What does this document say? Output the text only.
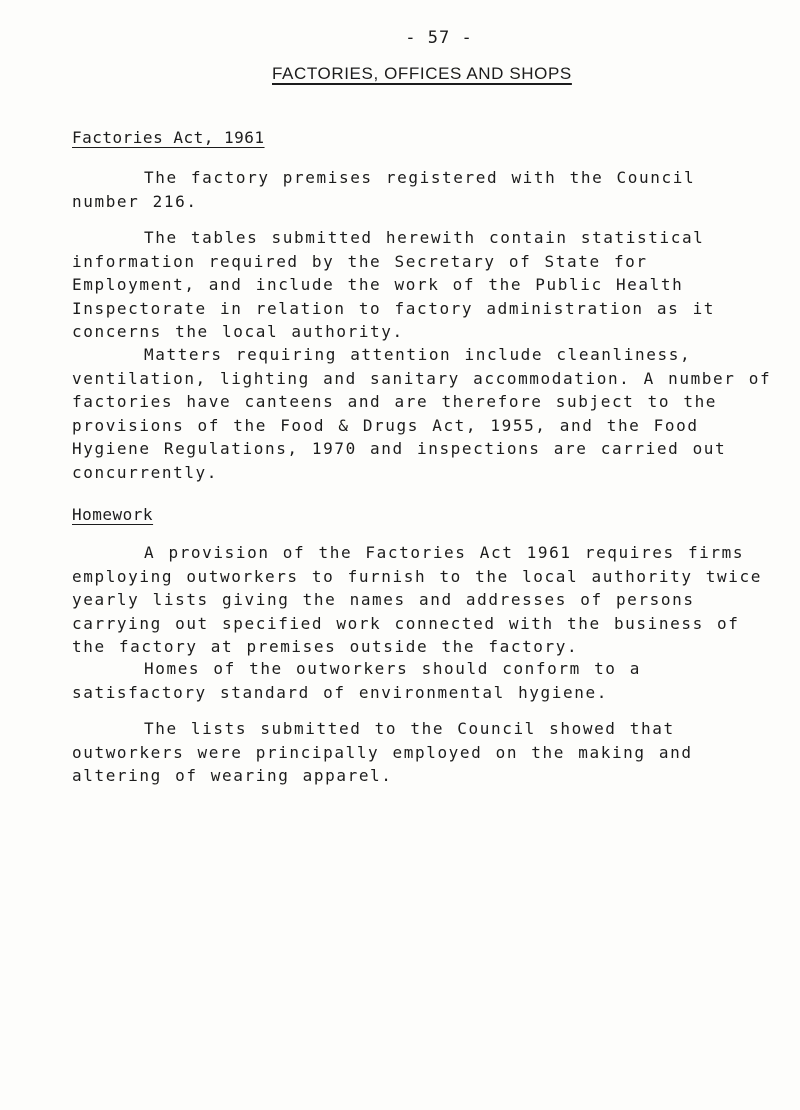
- 57 -
FACTORIES, OFFICES AND SHOPS
Factories Act, 1961

The factory premises registered with the Council number 216.

The tables submitted herewith contain statistical information required by the Secretary of State for Employment, and include the work of the Public Health Inspectorate in relation to factory administration as it concerns the local authority.

Matters requiring attention include cleanliness, ventilation, lighting and sanitary accommodation. A number of factories have canteens and are therefore subject to the provisions of the Food & Drugs Act, 1955, and the Food Hygiene Regulations, 1970 and inspections are carried out concurrently.

Homework

A provision of the Factories Act 1961 requires firms employing outworkers to furnish to the local authority twice yearly lists giving the names and addresses of persons carrying out specified work connected with the business of the factory at premises outside the factory.

Homes of the outworkers should conform to a satisfactory standard of environmental hygiene.

The lists submitted to the Council showed that outworkers were principally employed on the making and altering of wearing apparel.
